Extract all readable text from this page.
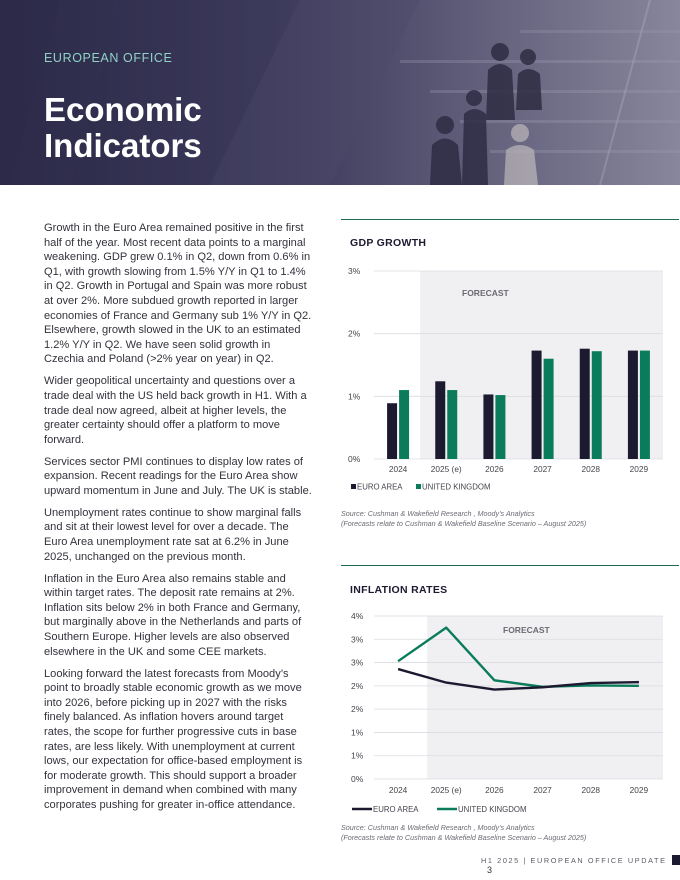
EUROPEAN OFFICE
Economic
Indicators

Growth in the Euro Area remained positive in the first half of the year. Most recent data points to a marginal weakening. GDP grew 0.1% in Q2, down from 0.6% in Q1, with growth slowing from 1.5% Y/Y in Q1 to 1.4% in Q2. Growth in Portugal and Spain was more robust at over 2%. More subdued growth reported in larger economies of France and Germany sub 1% Y/Y in Q2. Elsewhere, growth slowed in the UK to an estimated 1.2% Y/Y in Q2. We have seen solid growth in Czechia and Poland (>2% year on year) in Q2.

Wider geopolitical uncertainty and questions over a trade deal with the US held back growth in H1. With a trade deal now agreed, albeit at higher levels, the greater certainty should offer a platform to move forward.

Services sector PMI continues to display low rates of expansion. Recent readings for the Euro Area show upward momentum in June and July. The UK is stable.

Unemployment rates continue to show marginal falls and sit at their lowest level for over a decade. The Euro Area unemployment rate sat at 6.2% in June 2025, unchanged on the previous month.

Inflation in the Euro Area also remains stable and within target rates. The deposit rate remains at 2%. Inflation sits below 2% in both France and Germany, but marginally above in the Netherlands and parts of Southern Europe. Higher levels are also observed elsewhere in the UK and some CEE markets.

Looking forward the latest forecasts from Moody’s point to broadly stable economic growth as we move into 2026, before picking up in 2027 with the risks finely balanced. As inflation hovers around target rates, the scope for further progressive cuts in base rates, are less likely. With unemployment at current lows, our expectation for office-based employment is for moderate growth. This should support a broader improvement in demand when combined with many corporates pushing for greater in-office attendance.

GDP GROWTH
FORECAST
0%
1%
2%
3%
2024	2025 (e)	2026	2027	2028	2029
EURO AREA	UNITED KINGDOM
Source: Cushman & Wakefield Research , Moody’s Analytics
(Forecasts relate to Cushman & Wakefield Baseline Scenario – August 2025)
INFLATION RATES
FORECAST
0%
1%
1%
2%
2%
3%
3%
4%
2024	2025 (e)	2026	2027	2028	2029
EURO AREA	UNITED KINGDOM
Source: Cushman & Wakefield Research , Moody’s Analytics
(Forecasts relate to Cushman & Wakefield Baseline Scenario – August 2025)
H1 2025 | EUROPEAN OFFICE UPDATE 3
